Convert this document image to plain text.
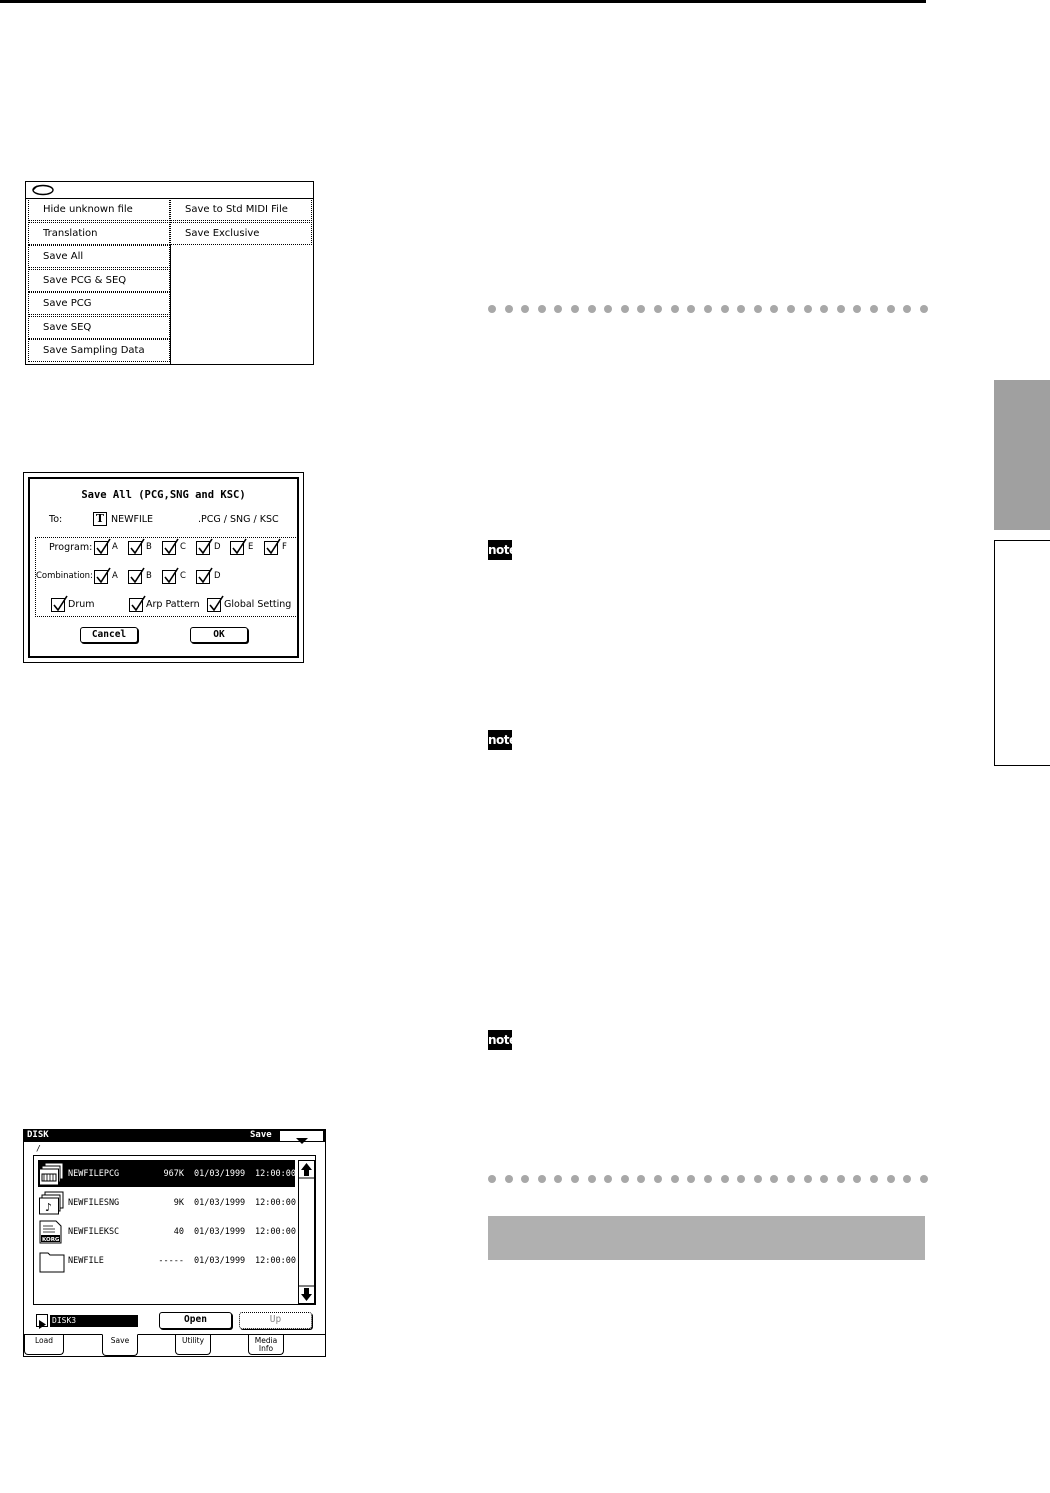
note
note
note
Hide unknown file
Translation
Save All
Save PCG & SEQ
Save PCG
Save SEQ
Save Sampling Data
Save to Std MIDI File
Save Exclusive
Save All (PCG,SNG and KSC)
To:	T NEWFILE	.PCG / SNG / KSC
Program: A	B	C	D	E	F
Combination: A	B	C	D
Drum	Arp Pattern	Global Setting
Cancel	OK
DISK	Save
/
NEWFILEPCG	967K 01/03/1999 12:00:00
♪ NEWFILESNG	9K 01/03/1999 12:00:00
KORG
NEWFILEKSC	40 01/03/1999 12:00:00
NEWFILE	----- 01/03/1999 12:00:00
DISK3	Open	Up
Load	Save	Utility	Media
Info
